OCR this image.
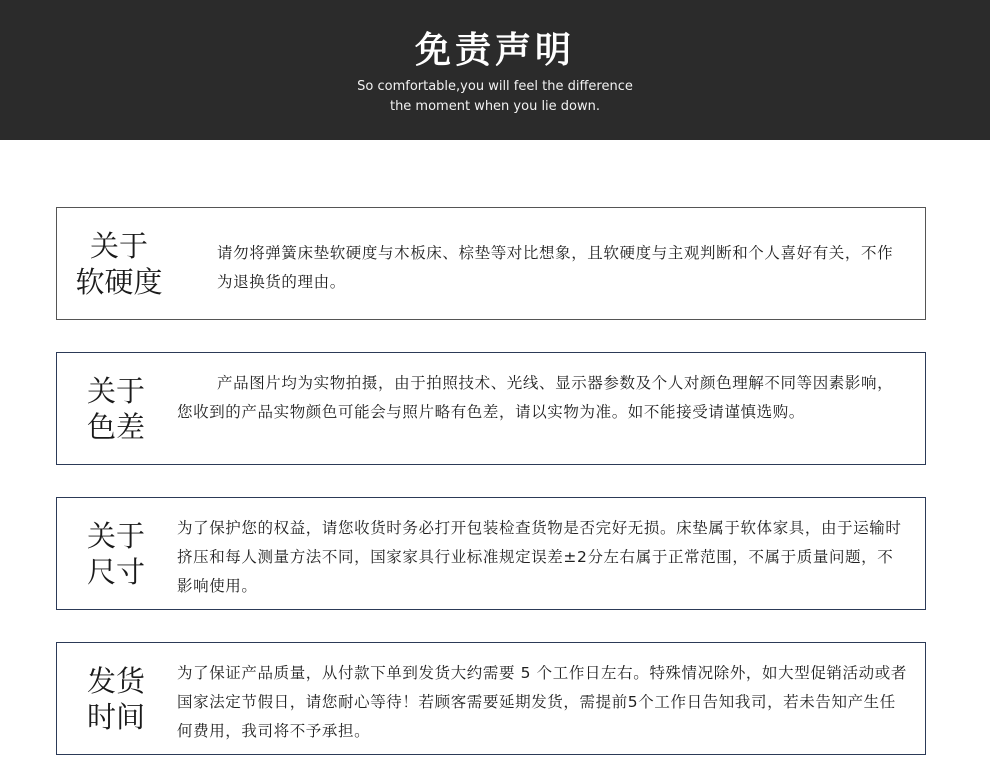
免责声明
So comfortable,you will feel the difference
the moment when you lie down.
关于
软硬度
请勿将弹簧床垫软硬度与木板床、棕垫等对比想象，且软硬度与主观判断和个人喜好有关，不作为退换货的理由。
关于
色差
产品图片均为实物拍摄，由于拍照技术、光线、显示器参数及个人对颜色理解不同等因素影响，您收到的产品实物颜色可能会与照片略有色差，请以实物为准。如不能接受请谨慎选购。
关于
尺寸
为了保护您的权益，请您收货时务必打开包装检查货物是否完好无损。床垫属于软体家具，由于运输时挤压和每人测量方法不同，国家家具行业标准规定误差±2分左右属于正常范围，不属于质量问题，不影响使用。
发货
时间
为了保证产品质量，从付款下单到发货大约需要 5 个工作日左右。特殊情况除外，如大型促销活动或者国家法定节假日，请您耐心等待！若顾客需要延期发货，需提前5个工作日告知我司，若未告知产生任何费用，我司将不予承担。
